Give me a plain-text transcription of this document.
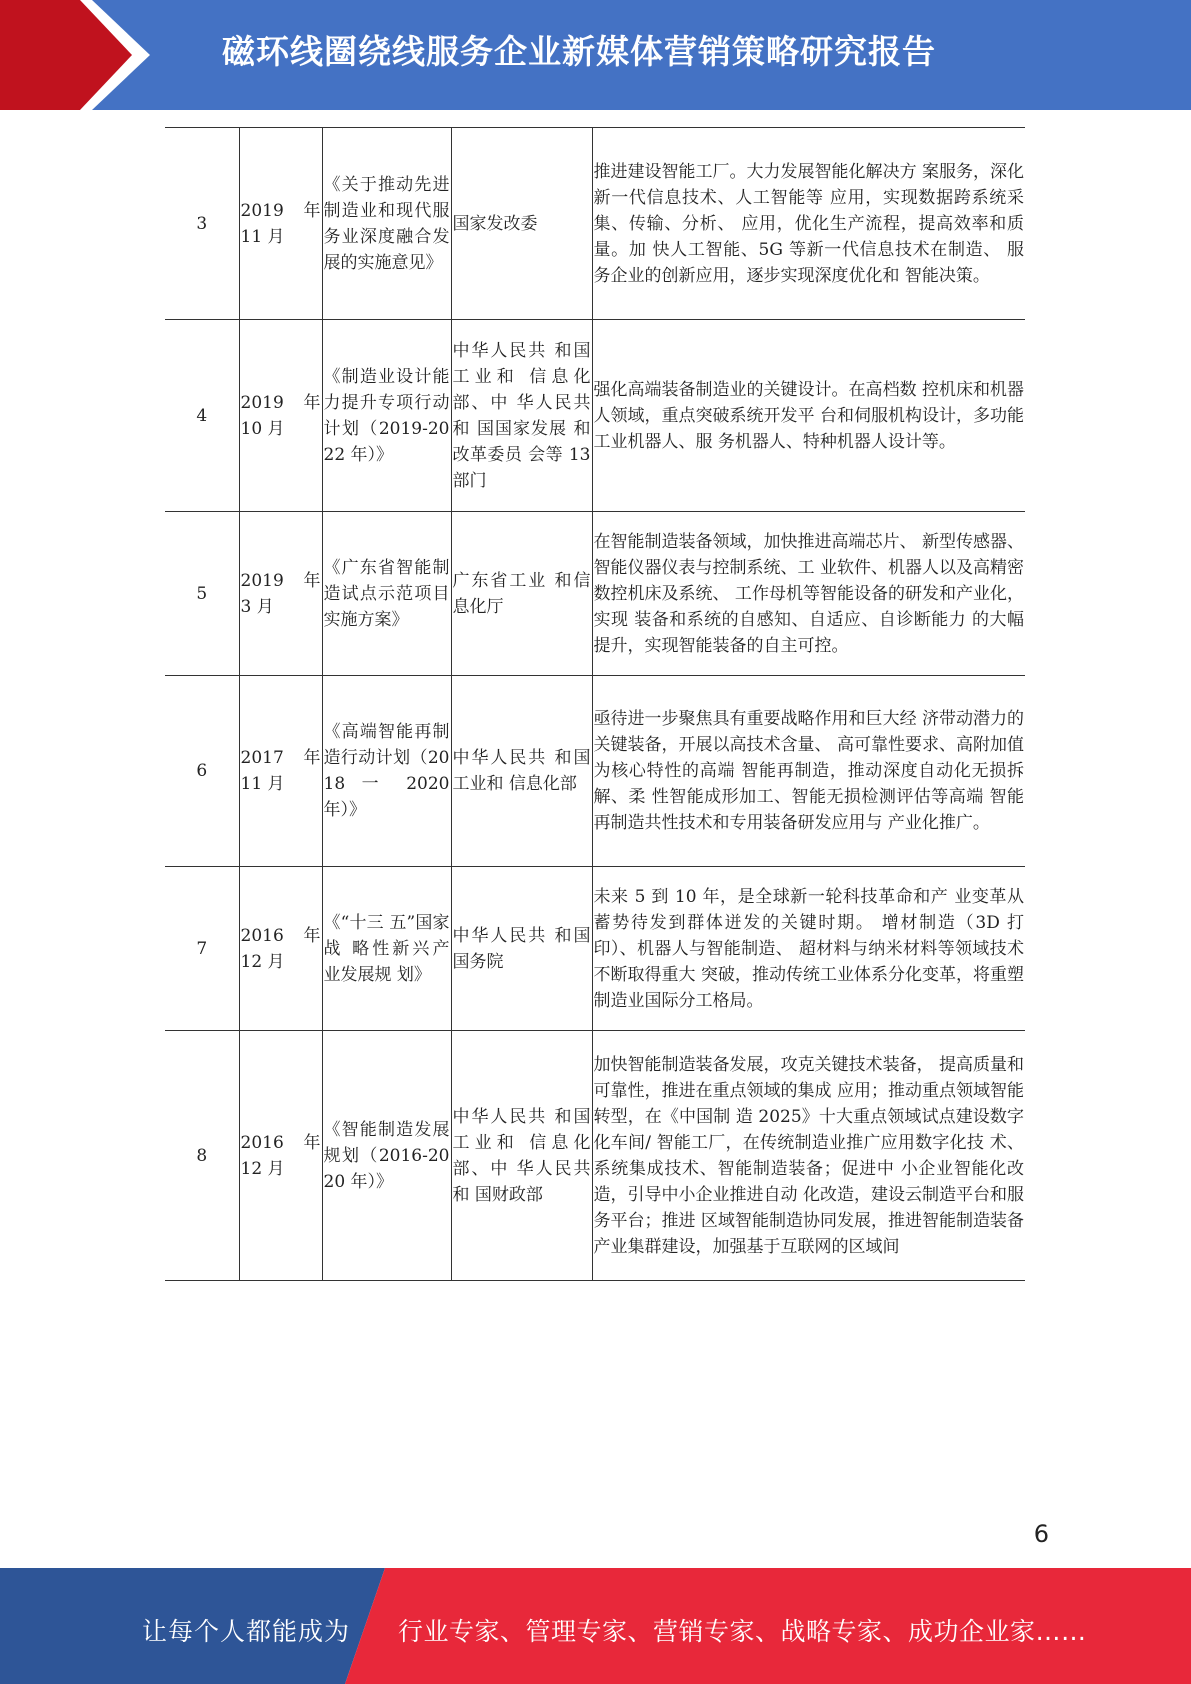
磁环线圈绕线服务企业新媒体营销策略研究报告
3	2019 年 11 月	《关于推动先进制造业和现代服务业深度融合发展的实施意见》	国家发改委	推进建设智能工厂。大力发展智能化解决方 案服务，深化新一代信息技术、人工智能等 应用，实现数据跨系统采集、传输、分析、 应用，优化生产流程，提高效率和质量。加 快人工智能、5G 等新一代信息技术在制造、 服务企业的创新应用，逐步实现深度优化和 智能决策。

4	2019 年 10 月	《制造业设计能力提升专项行动计划（2019-2022 年）》	中华人民共 和国工业和 信息化部、中 华人民共和 国国家发展 和改革委员 会等 13 部门	强化高端装备制造业的关键设计。在高档数 控机床和机器人领域，重点突破系统开发平 台和伺服机构设计，多功能工业机器人、服 务机器人、特种机器人设计等。

5	2019 年 3 月	《广东省智能制造试点示范项目实施方案》	广东省工业 和信息化厅	在智能制造装备领域，加快推进高端芯片、 新型传感器、智能仪器仪表与控制系统、工 业软件、机器人以及高精密数控机床及系统、 工作母机等智能设备的研发和产业化，实现 装备和系统的自感知、自适应、自诊断能力 的大幅提升，实现智能装备的自主可控。

6	2017 年 11 月	《高端智能再制造行动计划（2018 一 2020 年）》	中华人民共 和国工业和 信息化部	亟待进一步聚焦具有重要战略作用和巨大经 济带动潜力的关键装备，开展以高技术含量、 高可靠性要求、高附加值为核心特性的高端 智能再制造，推动深度自动化无损拆解、柔 性智能成形加工、智能无损检测评估等高端 智能再制造共性技术和专用装备研发应用与 产业化推广。

7	2016 年 12 月	《“十三 五”国家战 略性新兴产 业发展规 划》	中华人民共 和国国务院	未来 5 到 10 年，是全球新一轮科技革命和产 业变革从蓄势待发到群体迸发的关键时期。 增材制造（3D 打印）、机器人与智能制造、 超材料与纳米材料等领域技术不断取得重大 突破，推动传统工业体系分化变革，将重塑 制造业国际分工格局。

8	2016 年 12 月	《智能制造发展规划（2016-2020 年）》	中华人民共 和国工业和 信息化部、中 华人民共和 国财政部	加快智能制造装备发展，攻克关键技术装备， 提高质量和可靠性，推进在重点领域的集成 应用；推动重点领域智能转型，在《中国制 造 2025》十大重点领域试点建设数字化车间/ 智能工厂，在传统制造业推广应用数字化技 术、系统集成技术、智能制造装备；促进中 小企业智能化改造，引导中小企业推进自动 化改造，建设云制造平台和服务平台；推进 区域智能制造协同发展，推进智能制造装备产业集群建设，加强基于互联网的区域间
6
让每个人都能成为 行业专家、管理专家、营销专家、战略专家、成功企业家……
